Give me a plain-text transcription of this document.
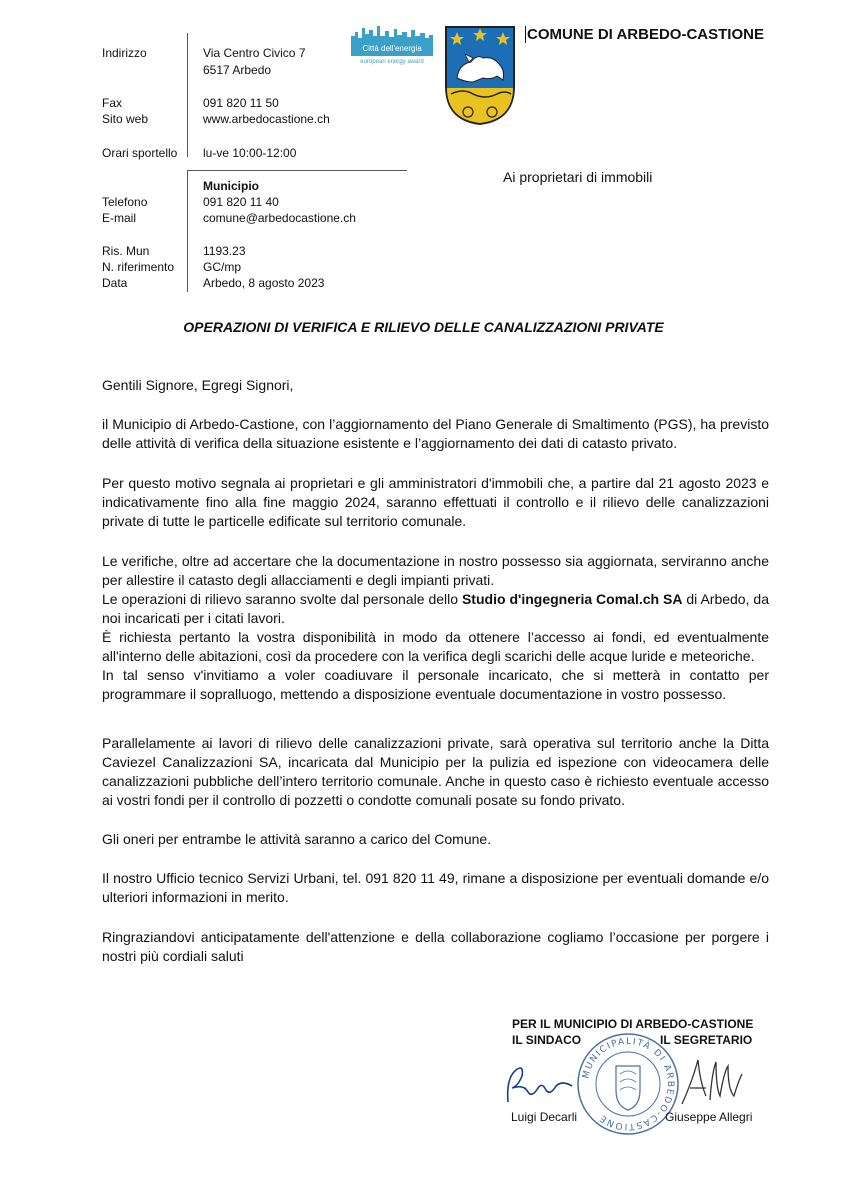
Indirizzo	Via Centro Civico 7
6517 Arbedo
Fax	091 820 11 50
Sito web	www.arbedocastione.ch
Orari sportello lu-ve 10:00-12:00
Municipio
Telefono	091 820 11 40
E-mail	comune@arbedocastione.ch
Ris. Mun	1193.23
N. riferimento GC/mp
Data	Arbedo, 8 agosto 2023
Città dell'energia
european energy award
COMUNE DI ARBEDO-CASTIONE
Ai proprietari di immobili
OPERAZIONI DI VERIFICA E RILIEVO DELLE CANALIZZAZIONI PRIVATE
Gentili Signore, Egregi Signori,
il Municipio di Arbedo-Castione, con l’aggiornamento del Piano Generale di Smaltimento (PGS), ha previsto delle attività di verifica della situazione esistente e l’aggiornamento dei dati di catasto privato.
Per questo motivo segnala ai proprietari e gli amministratori d'immobili che, a partire dal 21 agosto 2023 e indicativamente fino alla fine maggio 2024, saranno effettuati il controllo e il rilievo delle canalizzazioni private di tutte le particelle edificate sul territorio comunale.

Le verifiche, oltre ad accertare che la documentazione in nostro possesso sia aggiornata, serviranno anche per allestire il catasto degli allacciamenti e degli impianti privati.

Le operazioni di rilievo saranno svolte dal personale dello Studio d'ingegneria Comal.ch SA di Arbedo, da noi incaricati per i citati lavori.

È richiesta pertanto la vostra disponibilità in modo da ottenere l’accesso ai fondi, ed eventualmente all'interno delle abitazioni, così da procedere con la verifica degli scarichi delle acque luride e meteoriche.

In tal senso v'invitiamo a voler coadiuvare il personale incaricato, che si metterà in contatto per programmare il sopralluogo, mettendo a disposizione eventuale documentazione in vostro possesso.

Parallelamente ai lavori di rilievo delle canalizzazioni private, sarà operativa sul territorio anche la Ditta Caviezel Canalizzazioni SA, incaricata dal Municipio per la pulizia ed ispezione con videocamera delle canalizzazioni pubbliche dell’intero territorio comunale. Anche in questo caso è richiesto eventuale accesso ai vostri fondi per il controllo di pozzetti o condotte comunali posate su fondo privato.
Gli oneri per entrambe le attività saranno a carico del Comune.
Il nostro Ufficio tecnico Servizi Urbani, tel. 091 820 11 49, rimane a disposizione per eventuali domande e/o ulteriori informazioni in merito.
Ringraziandovi anticipatamente dell'attenzione e della collaborazione cogliamo l’occasione per porgere i nostri più cordiali saluti
PER IL MUNICIPIO DI ARBEDO-CASTIONE
IL SINDACO	IL SEGRETARIO
MUNICIPALITÀ DI ARBEDO-CASTIONE
Luigi Decarli	Giuseppe Allegri
